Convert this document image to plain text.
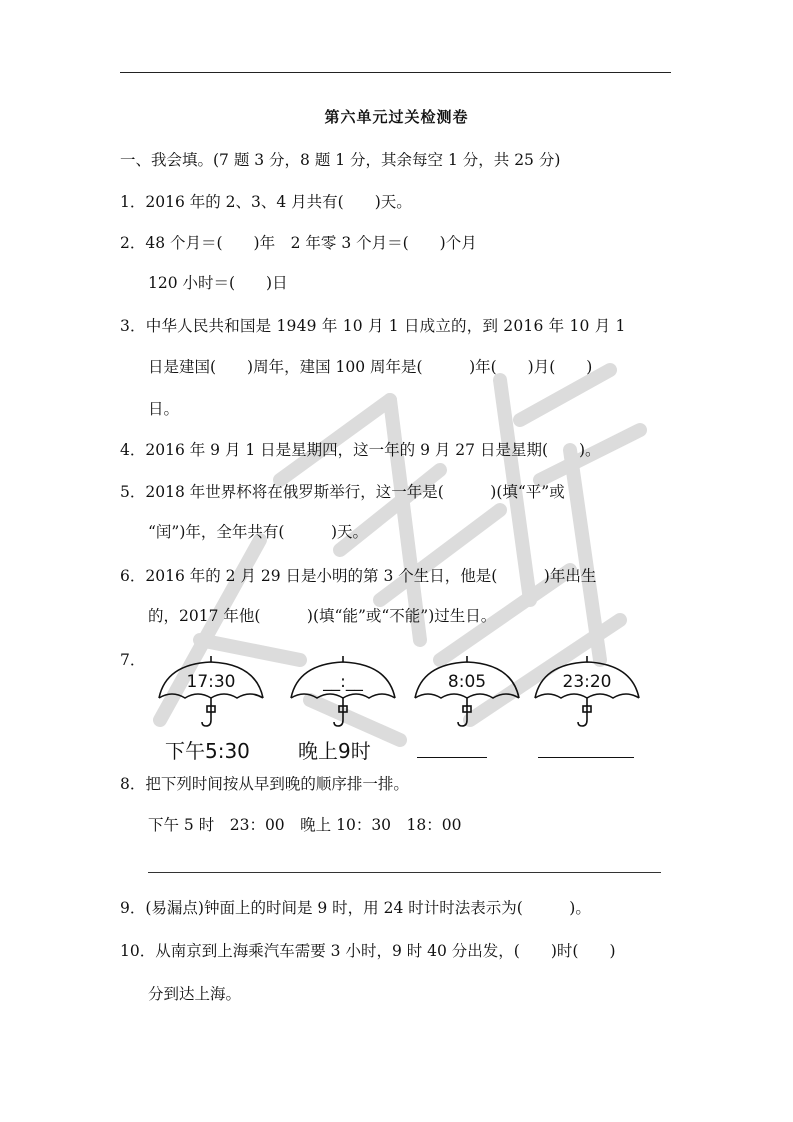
第六单元过关检测卷
一、我会填。(7 题 3 分，8 题 1 分，其余每空 1 分，共 25 分)
1．2016 年的 2、3、4 月共有(　　)天。
2．48 个月＝(　　)年　2 年零 3 个月＝(　　)个月
120 小时＝(　　)日
3．中华人民共和国是 1949 年 10 月 1 日成立的，到 2016 年 10 月 1
日是建国(　　)周年，建国 100 周年是(　　　)年(　　)月(　　)
日。
4．2016 年 9 月 1 日是星期四，这一年的 9 月 27 日是星期(　　)。
5．2018 年世界杯将在俄罗斯举行，这一年是(　　　)(填“平”或
“闰”)年，全年共有(　　　)天。
6．2016 年的 2 月 29 日是小明的第 3 个生日，他是(　　　)年出生
的，2017 年他(　　　)(填“能”或“不能”)过生日。
7．
17:30	__:__	8:05	23:20
下午5:30 晚上9时
8．把下列时间按从早到晚的顺序排一排。
下午 5 时　23：00　晚上 10：30　18：00
9．(易漏点)钟面上的时间是 9 时，用 24 时计时法表示为(　　　)。
10．从南京到上海乘汽车需要 3 小时，9 时 40 分出发，(　　)时(　　)
分到达上海。
